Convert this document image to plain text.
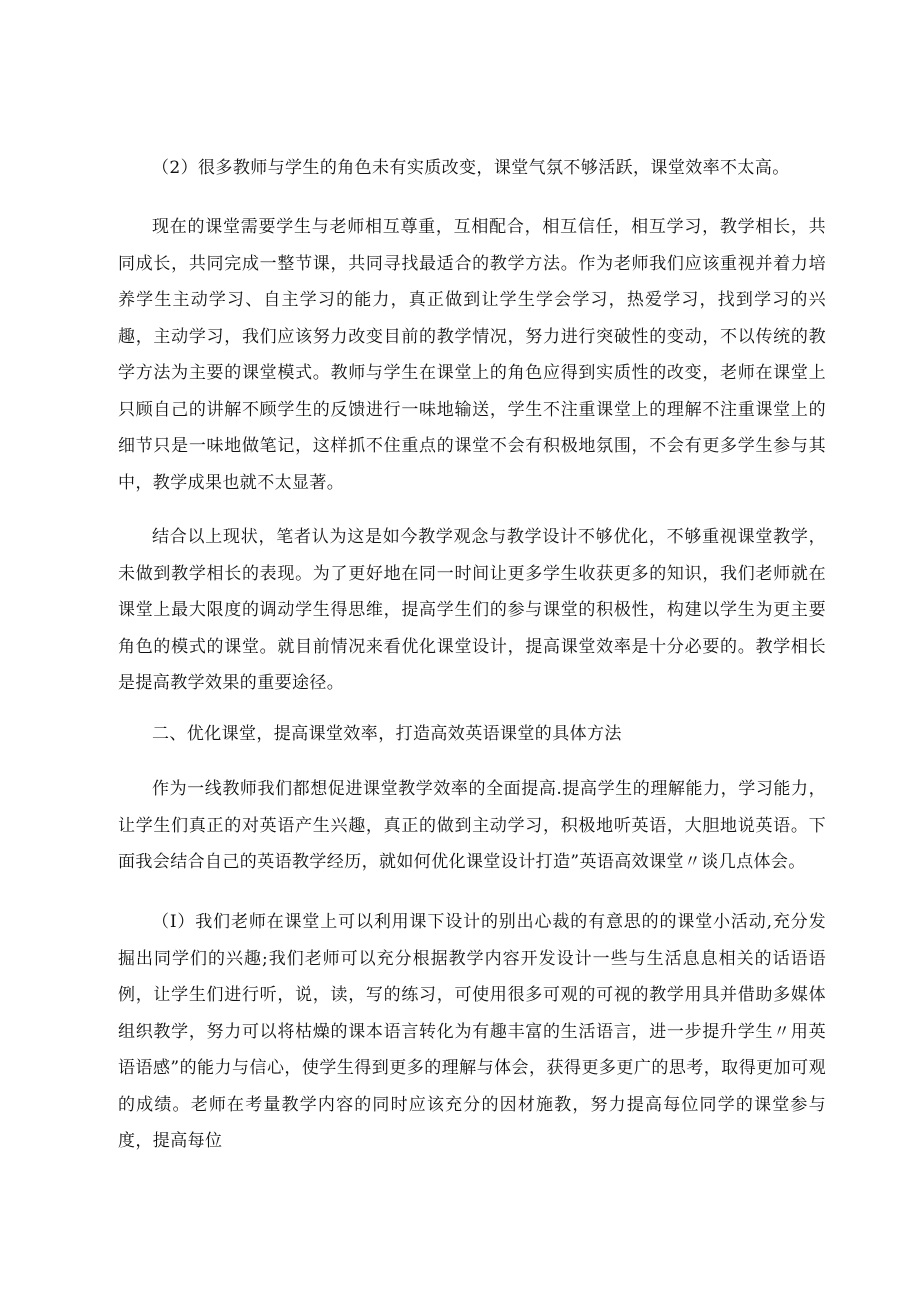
（2）很多教师与学生的角色未有实质改变，课堂气氛不够活跃，课堂效率不太高。

现在的课堂需要学生与老师相互尊重，互相配合，相互信任，相互学习，教学相长，共同成长，共同完成一整节课，共同寻找最适合的教学方法。作为老师我们应该重视并着力培养学生主动学习、自主学习的能力，真正做到让学生学会学习，热爱学习，找到学习的兴趣，主动学习，我们应该努力改变目前的教学情况，努力进行突破性的变动，不以传统的教学方法为主要的课堂模式。教师与学生在课堂上的角色应得到实质性的改变，老师在课堂上只顾自己的讲解不顾学生的反馈进行一味地输送，学生不注重课堂上的理解不注重课堂上的细节只是一味地做笔记，这样抓不住重点的课堂不会有积极地氛围，不会有更多学生参与其中，教学成果也就不太显著。

结合以上现状，笔者认为这是如今教学观念与教学设计不够优化，不够重视课堂教学，未做到教学相长的表现。为了更好地在同一时间让更多学生收获更多的知识，我们老师就在课堂上最大限度的调动学生得思维，提高学生们的参与课堂的积极性，构建以学生为更主要角色的模式的课堂。就目前情况来看优化课堂设计，提高课堂效率是十分必要的。教学相长是提高教学效果的重要途径。

二、优化课堂，提高课堂效率，打造高效英语课堂的具体方法

作为一线教师我们都想促进课堂教学效率的全面提高.提高学生的理解能力，学习能力，让学生们真正的对英语产生兴趣，真正的做到主动学习，积极地听英语，大胆地说英语。下面我会结合自己的英语教学经历，就如何优化课堂设计打造”英语高效课堂〃谈几点体会。

（I）我们老师在课堂上可以利用课下设计的别出心裁的有意思的的课堂小活动,充分发掘出同学们的兴趣;我们老师可以充分根据教学内容开发设计一些与生活息息相关的话语语例，让学生们进行听，说，读，写的练习，可使用很多可观的可视的教学用具并借助多媒体组织教学，努力可以将枯燥的课本语言转化为有趣丰富的生活语言，进一步提升学生〃用英语语感”的能力与信心，使学生得到更多的理解与体会，获得更多更广的思考，取得更加可观的成绩。老师在考量教学内容的同时应该充分的因材施教，努力提高每位同学的课堂参与度，提高每位
